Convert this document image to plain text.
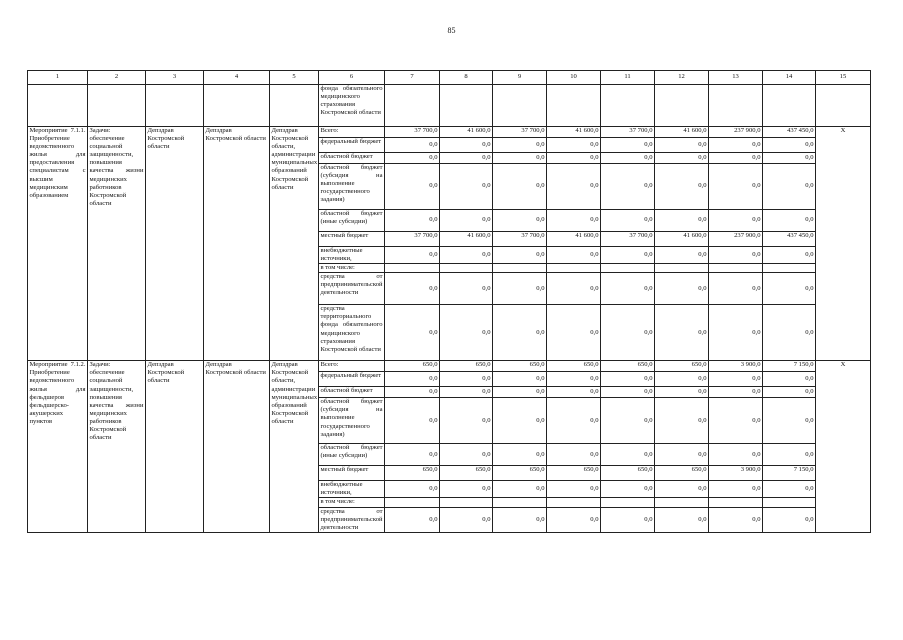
85
1	2	3	4	5	6	7	8	9	10	11	12	13	14	15
					фонда обязательного медицинского страхования Костромской области									
Мероприятие 7.1.1. Приобретение ведомственного жилья для предоставления специалистам с высшим медицинским образованием	Задачи: обеспечение социальной защищенности, повышения качества жизни медицинских работников Костромской области	Депздрав Костромской области	Депздрав Костромской области	Депздрав Костромской области, администрации муниципальных образований Костромской области	Всего:	37 700,0	41 600,0	37 700,0	41 600,0	37 700,0	41 600,0	237 900,0	437 450,0	X
					федеральный бюджет	0,0	0,0	0,0	0,0	0,0	0,0	0,0	0,0	
					областной бюджет	0,0	0,0	0,0	0,0	0,0	0,0	0,0	0,0	
					областной бюджет (субсидия на выполнение государственного задания)	0,0	0,0	0,0	0,0	0,0	0,0	0,0	0,0	
					областной бюджет (иные субсидии)	0,0	0,0	0,0	0,0	0,0	0,0	0,0	0,0	
					местный бюджет	37 700,0	41 600,0	37 700,0	41 600,0	37 700,0	41 600,0	237 900,0	437 450,0	
					внебюджетные источники,	0,0	0,0	0,0	0,0	0,0	0,0	0,0	0,0	
					в том числе:									
					средства от предпринимательской деятельности	0,0	0,0	0,0	0,0	0,0	0,0	0,0	0,0	
					средства территориального фонда обязательного медицинского страхования Костромской области	0,0	0,0	0,0	0,0	0,0	0,0	0,0	0,0	
Мероприятие 7.1.2. Приобретение ведомственного жилья для фельдшеров фельдшерско-акушерских пунктов	Задачи: обеспечение социальной защищенности, повышения качества жизни медицинских работников Костромской области	Депздрав Костромской области	Депздрав Костромской области	Депздрав Костромской области, администрации муниципальных образований Костромской области	Всего:	650,0	650,0	650,0	650,0	650,0	650,0	3 900,0	7 150,0	X
					федеральный бюджет	0,0	0,0	0,0	0,0	0,0	0,0	0,0	0,0	
					областной бюджет	0,0	0,0	0,0	0,0	0,0	0,0	0,0	0,0	
					областной бюджет (субсидия на выполнение государственного задания)	0,0	0,0	0,0	0,0	0,0	0,0	0,0	0,0	
					областной бюджет (иные субсидии)	0,0	0,0	0,0	0,0	0,0	0,0	0,0	0,0	
					местный бюджет	650,0	650,0	650,0	650,0	650,0	650,0	3 900,0	7 150,0	
					внебюджетные источники,	0,0	0,0	0,0	0,0	0,0	0,0	0,0	0,0	
					в том числе:									
					средства от предпринимательской деятельности	0,0	0,0	0,0	0,0	0,0	0,0	0,0	0,0	
